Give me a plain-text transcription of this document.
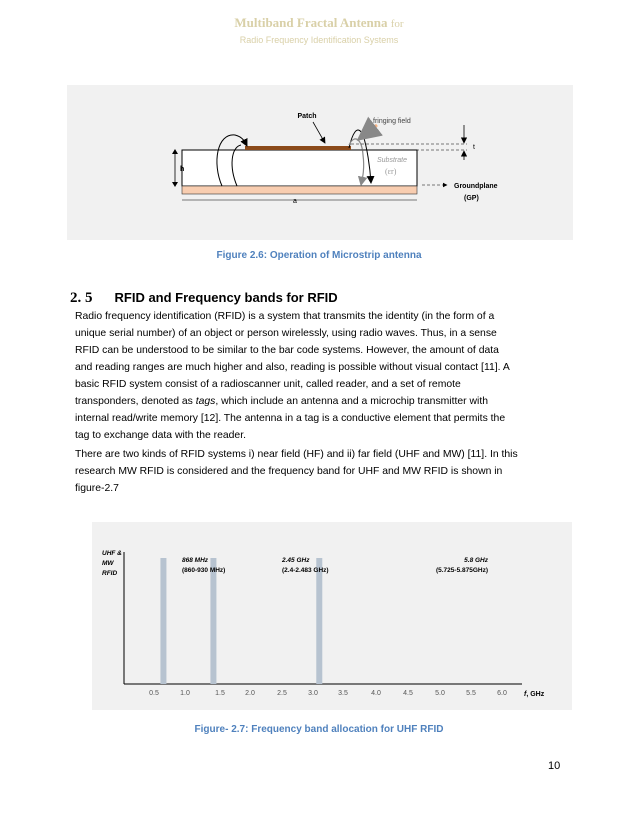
Multiband Fractal Antenna for
Radio Frequency Identification Systems
Patch
fringing field
t
h
a
Substrate
(εr)
Groundplane
(GP)
Figure 2.6: Operation of Microstrip antenna
2. 5 RFID and Frequency bands for RFID
Radio frequency identification (RFID) is a system that transmits the identity (in the form of a
unique serial number) of an object or person wirelessly, using radio waves. Thus, in a sense
RFID can be understood to be similar to the bar code systems. However, the amount of data
and reading ranges are much higher and also, reading is possible without visual contact [11]. A
basic RFID system consist of a radioscanner unit, called reader, and a set of remote
transponders, denoted as tags, which include an antenna and a microchip transmitter with
internal read/write memory [12]. The antenna in a tag is a conductive element that permits the
tag to exchange data with the reader.
There are two kinds of RFID systems i) near field (HF) and ii) far field (UHF and MW) [11]. In this
research MW RFID is considered and the frequency band for UHF and MW RFID is shown in
figure-2.7
UHF &
MW
RFID
868 MHz
(860-930 MHz)
2.45 GHz
(2.4-2.483 GHz)
5.8 GHz
(5.725-5.875GHz)
0.5	1.0	1.5	2.0	2.5	3.0	3.5	4.0	4.5	5.0	5.5	6.0 f, GHz
Figure- 2.7: Frequency band allocation for UHF RFID
10
